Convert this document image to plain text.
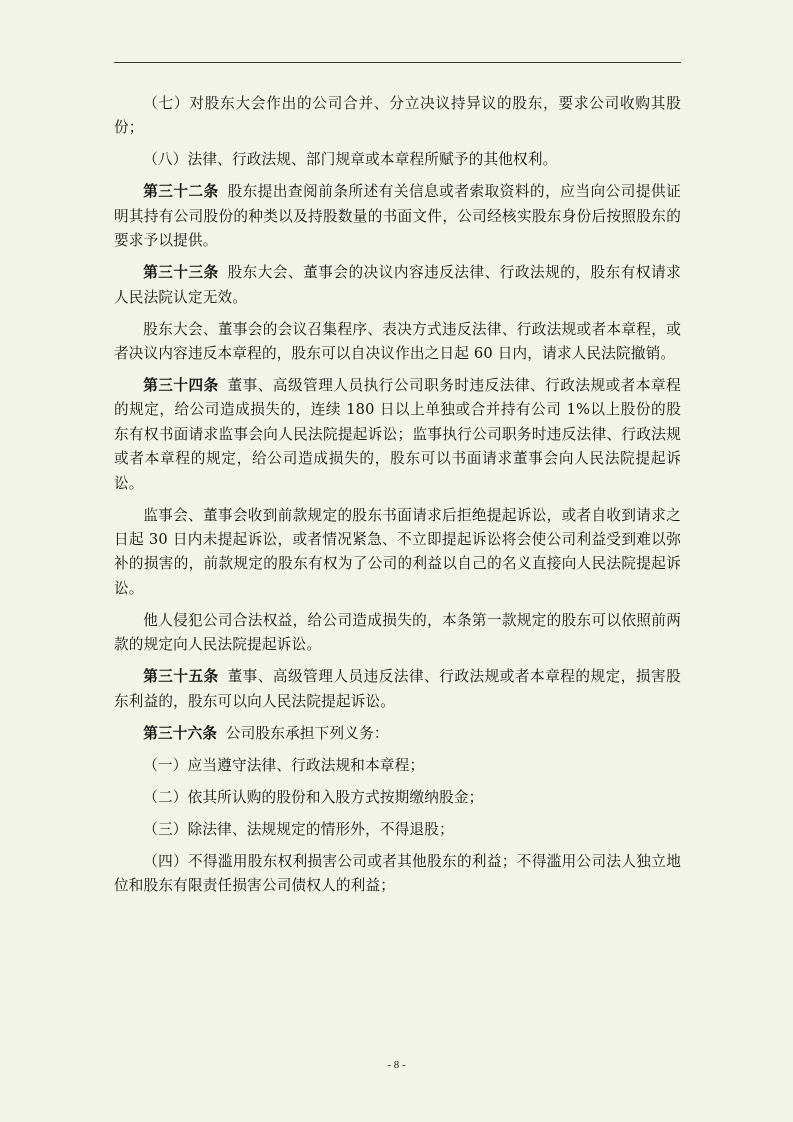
（七）对股东大会作出的公司合并、分立决议持异议的股东，要求公司收购其股份；

（八）法律、行政法规、部门规章或本章程所赋予的其他权利。

第三十二条 股东提出查阅前条所述有关信息或者索取资料的，应当向公司提供证明其持有公司股份的种类以及持股数量的书面文件，公司经核实股东身份后按照股东的要求予以提供。

第三十三条 股东大会、董事会的决议内容违反法律、行政法规的，股东有权请求人民法院认定无效。

股东大会、董事会的会议召集程序、表决方式违反法律、行政法规或者本章程，或者决议内容违反本章程的，股东可以自决议作出之日起 60 日内，请求人民法院撤销。

第三十四条 董事、高级管理人员执行公司职务时违反法律、行政法规或者本章程的规定，给公司造成损失的，连续 180 日以上单独或合并持有公司 1%以上股份的股东有权书面请求监事会向人民法院提起诉讼；监事执行公司职务时违反法律、行政法规或者本章程的规定，给公司造成损失的，股东可以书面请求董事会向人民法院提起诉讼。

监事会、董事会收到前款规定的股东书面请求后拒绝提起诉讼，或者自收到请求之日起 30 日内未提起诉讼，或者情况紧急、不立即提起诉讼将会使公司利益受到难以弥补的损害的，前款规定的股东有权为了公司的利益以自己的名义直接向人民法院提起诉讼。

他人侵犯公司合法权益，给公司造成损失的，本条第一款规定的股东可以依照前两款的规定向人民法院提起诉讼。

第三十五条 董事、高级管理人员违反法律、行政法规或者本章程的规定，损害股东利益的，股东可以向人民法院提起诉讼。

第三十六条 公司股东承担下列义务：

（一）应当遵守法律、行政法规和本章程；

（二）依其所认购的股份和入股方式按期缴纳股金；

（三）除法律、法规规定的情形外，不得退股；

（四）不得滥用股东权利损害公司或者其他股东的利益；不得滥用公司法人独立地位和股东有限责任损害公司债权人的利益；

- 8 -
